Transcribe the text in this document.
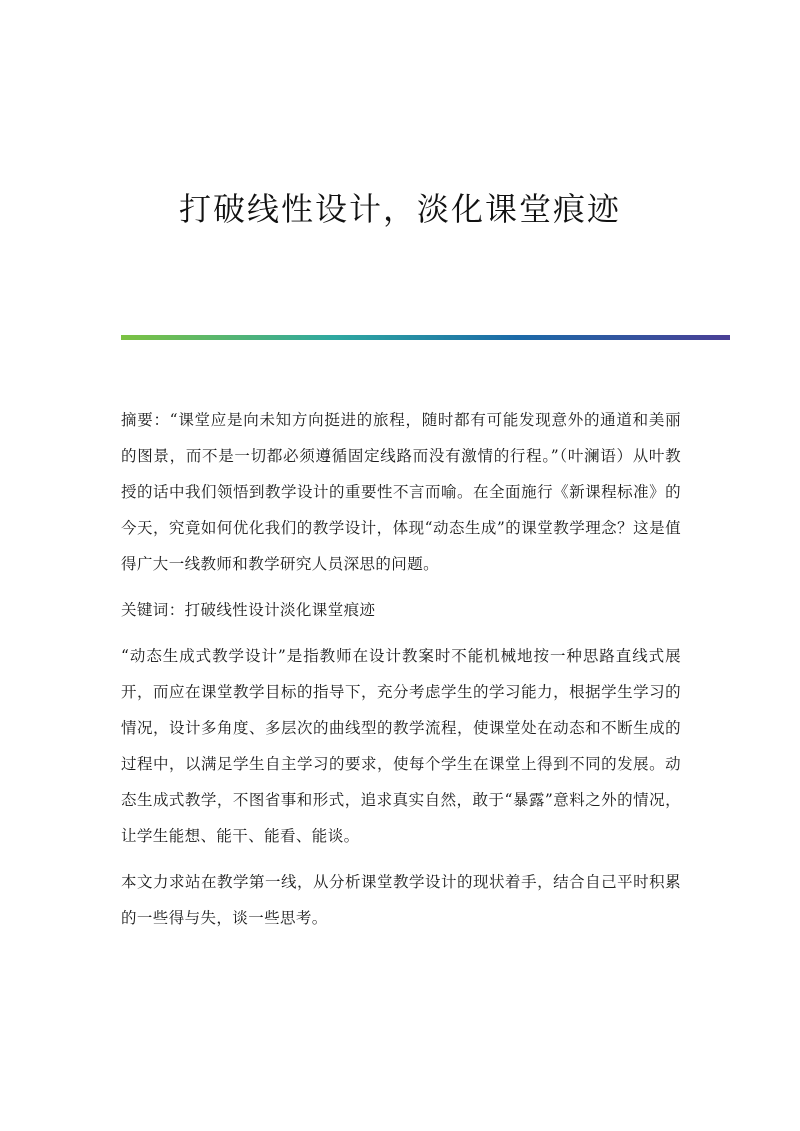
打破线性设计，淡化课堂痕迹

摘要：“课堂应是向未知方向挺进的旅程，随时都有可能发现意外的通道和美丽的图景，而不是一切都必须遵循固定线路而没有激情的行程。”（叶澜语）从叶教授的话中我们领悟到教学设计的重要性不言而喻。在全面施行《新课程标准》的今天，究竟如何优化我们的教学设计，体现“动态生成”的课堂教学理念？这是值得广大一线教师和教学研究人员深思的问题。

关键词：打破线性设计淡化课堂痕迹

“动态生成式教学设计”是指教师在设计教案时不能机械地按一种思路直线式展开，而应在课堂教学目标的指导下，充分考虑学生的学习能力，根据学生学习的情况，设计多角度、多层次的曲线型的教学流程，使课堂处在动态和不断生成的过程中，以满足学生自主学习的要求，使每个学生在课堂上得到不同的发展。动态生成式教学，不图省事和形式，追求真实自然，敢于“暴露”意料之外的情况，让学生能想、能干、能看、能谈。

本文力求站在教学第一线，从分析课堂教学设计的现状着手，结合自己平时积累的一些得与失，谈一些思考。
